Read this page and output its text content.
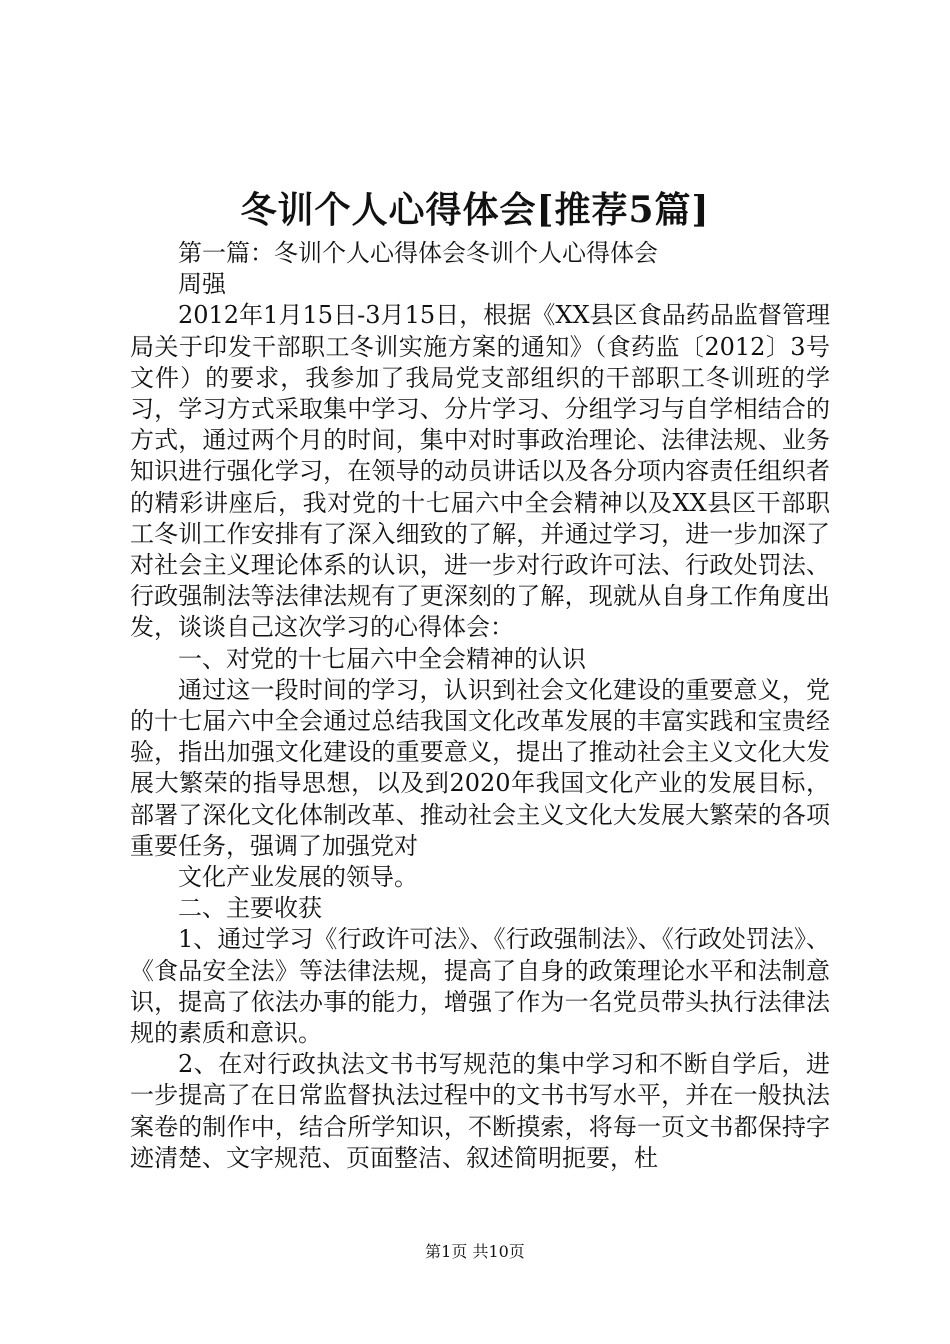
冬训个人心得体会[推荐5篇]

第一篇：冬训个人心得体会冬训个人心得体会

周强

2012年1月15日-3月15日，根据《XX县区食品药品监督管理局关于印发干部职工冬训实施方案的通知》（食药监〔2012〕3号文件）的要求，我参加了我局党支部组织的干部职工冬训班的学习，学习方式采取集中学习、分片学习、分组学习与自学相结合的方式，通过两个月的时间，集中对时事政治理论、法律法规、业务知识进行强化学习，在领导的动员讲话以及各分项内容责任组织者的精彩讲座后，我对党的十七届六中全会精神以及XX县区干部职工冬训工作安排有了深入细致的了解，并通过学习，进一步加深了对社会主义理论体系的认识，进一步对行政许可法、行政处罚法、行政强制法等法律法规有了更深刻的了解，现就从自身工作角度出发，谈谈自己这次学习的心得体会：

一、对党的十七届六中全会精神的认识

通过这一段时间的学习，认识到社会文化建设的重要意义，党的十七届六中全会通过总结我国文化改革发展的丰富实践和宝贵经验，指出加强文化建设的重要意义，提出了推动社会主义文化大发展大繁荣的指导思想，以及到2020年我国文化产业的发展目标，部署了深化文化体制改革、推动社会主义文化大发展大繁荣的各项重要任务，强调了加强党对

文化产业发展的领导。

二、主要收获

1、通过学习《行政许可法》、《行政强制法》、《行政处罚法》、《食品安全法》等法律法规，提高了自身的政策理论水平和法制意识，提高了依法办事的能力，增强了作为一名党员带头执行法律法规的素质和意识。

2、在对行政执法文书书写规范的集中学习和不断自学后，进一步提高了在日常监督执法过程中的文书书写水平，并在一般执法案卷的制作中，结合所学知识，不断摸索，将每一页文书都保持字迹清楚、文字规范、页面整洁、叙述简明扼要，杜

第1页 共10页
